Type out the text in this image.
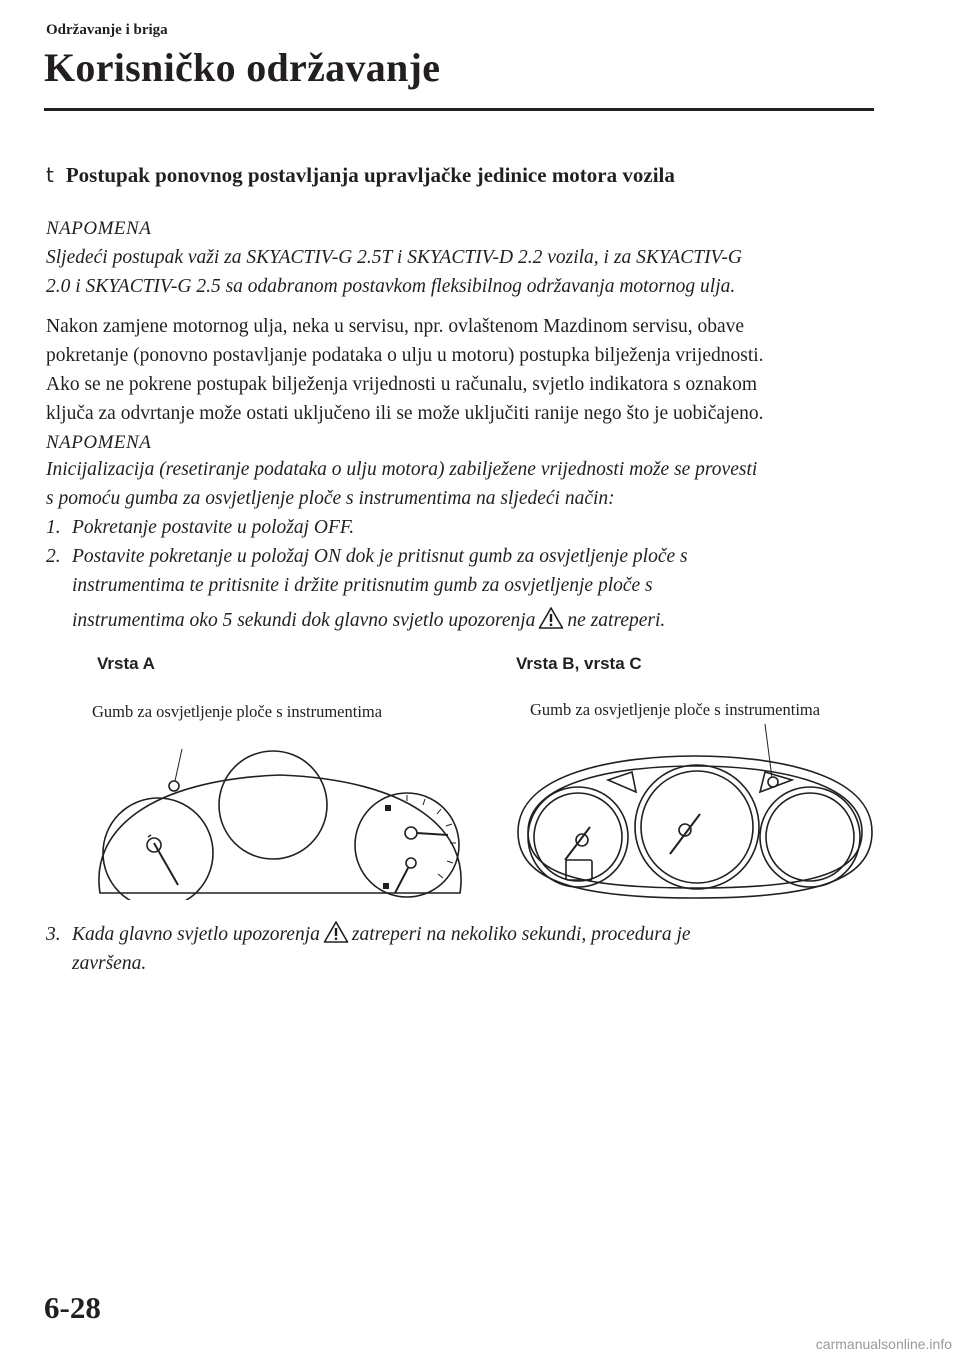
Održavanje i briga
Korisničko održavanje
t Postupak ponovnog postavljanja upravljačke jedinice motora vozila
NAPOMENA
Sljedeći postupak važi za SKYACTIV-G 2.5T i SKYACTIV-D 2.2 vozila, i za SKYACTIV-G
2.0 i SKYACTIV-G 2.5 sa odabranom postavkom fleksibilnog održavanja motornog ulja.
Nakon zamjene motornog ulja, neka u servisu, npr. ovlaštenom Mazdinom servisu, obave
pokretanje (ponovno postavljanje podataka o ulju u motoru) postupka bilježenja vrijednosti.
Ako se ne pokrene postupak bilježenja vrijednosti u računalu, svjetlo indikatora s oznakom
ključa za odvrtanje može ostati uključeno ili se može uključiti ranije nego što je uobičajeno.
NAPOMENA
Inicijalizacija (resetiranje podataka o ulju motora) zabilježene vrijednosti može se provesti
s pomoću gumba za osvjetljenje ploče s instrumentima na sljedeći način:
1. Pokretanje postavite u položaj OFF.
2. Postavite pokretanje u položaj ON dok je pritisnut gumb za osvjetljenje ploče s
instrumentima te pritisnite i držite pritisnutim gumb za osvjetljenje ploče s
instrumentima oko 5 sekundi dok glavno svjetlo upozorenja ne zatreperi.
Vrsta A	Vrsta B, vrsta C
Gumb za osvjetljenje ploče s instrumentima	Gumb za osvjetljenje ploče s instrumentima
3. Kada glavno svjetlo upozorenja zatreperi na nekoliko sekundi, procedura je
završena.
6-28
carmanualsonline.info
